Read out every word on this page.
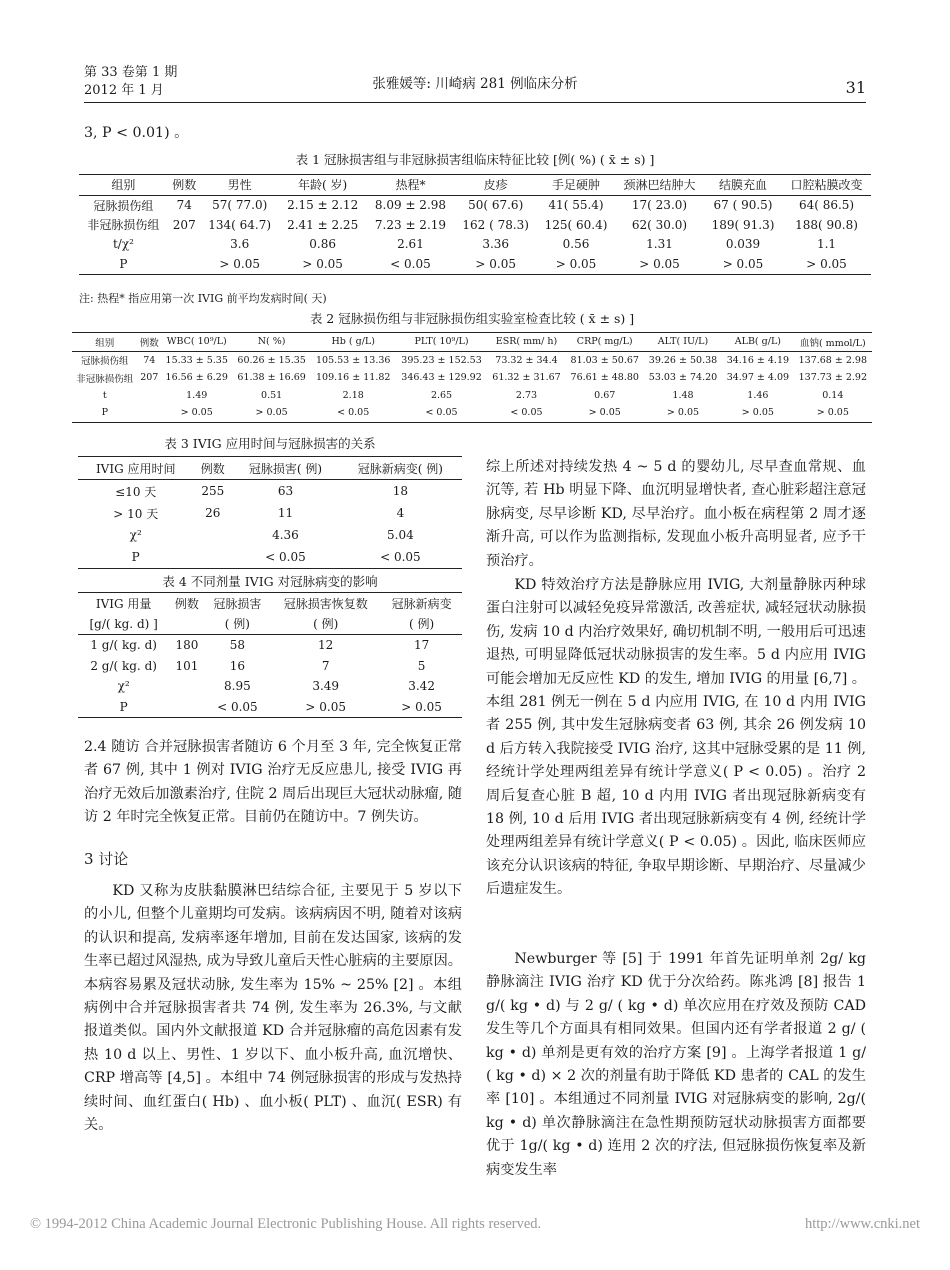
第 33 卷第 1 期
2012 年 1 月	张雅媛等: 川崎病 281 例临床分析	31

3, P < 0.01) 。

表 1 冠脉损害组与非冠脉损害组临床特征比较 [例( %) ( x̄ ± s) ]
组别	例数	男性	年龄( 岁)	热程*	皮疹	手足硬肿	颈淋巴结肿大	结膜充血	口腔粘膜改变
冠脉损伤组	74	57( 77.0)	2.15 ± 2.12	8.09 ± 2.98	50( 67.6)	41( 55.4)	17( 23.0)	67 ( 90.5)	64( 86.5)
非冠脉损伤组	207	134( 64.7)	2.41 ± 2.25	7.23 ± 2.19	162 ( 78.3)	125( 60.4)	62( 30.0)	189( 91.3)	188( 90.8)
t/χ²		3.6	0.86	2.61	3.36	0.56	1.31	0.039	1.1
P		> 0.05	> 0.05	< 0.05	> 0.05	> 0.05	> 0.05	> 0.05	> 0.05
注: 热程* 指应用第一次 IVIG 前平均发病时间( 天)
表 2 冠脉损伤组与非冠脉损伤组实验室检查比较 ( x̄ ± s) ]
组别	例数	WBC( 10⁹/L)	N( %)	Hb ( g/L)	PLT( 10⁹/L)	ESR( mm/ h)	CRP( mg/L)	ALT( IU/L)	ALB( g/L)	血钠( mmol/L)
冠脉损伤组	74	15.33 ± 5.35	60.26 ± 15.35	105.53 ± 13.36	395.23 ± 152.53	73.32 ± 34.4	81.03 ± 50.67	39.26 ± 50.38	34.16 ± 4.19	137.68 ± 2.98
非冠脉损伤组	207	16.56 ± 6.29	61.38 ± 16.69	109.16 ± 11.82	346.43 ± 129.92	61.32 ± 31.67	76.61 ± 48.80	53.03 ± 74.20	34.97 ± 4.09	137.73 ± 2.92
t		1.49	0.51	2.18	2.65	2.73	0.67	1.48	1.46	0.14
P		> 0.05	> 0.05	< 0.05	< 0.05	< 0.05	> 0.05	> 0.05	> 0.05	> 0.05
表 3 IVIG 应用时间与冠脉损害的关系
IVIG 应用时间	例数	冠脉损害( 例)	冠脉新病变( 例)
≤10 天	255	63	18
> 10 天	26	11	4
χ²		4.36	5.04
P		< 0.05	< 0.05
表 4 不同剂量 IVIG 对冠脉病变的影响
IVIG 用量	例数	冠脉损害	冠脉损害恢复数	冠脉新病变
[g/( kg. d) ]		( 例)	( 例)	( 例)
1 g/( kg. d)	180	58	12	17
2 g/( kg. d)	101	16	7	5
χ²		8.95	3.49	3.42
P		< 0.05	> 0.05	> 0.05

2.4 随访 合并冠脉损害者随访 6 个月至 3 年, 完全恢复正常者 67 例, 其中 1 例对 IVIG 治疗无反应患儿, 接受 IVIG 再治疗无效后加激素治疗, 住院 2 周后出现巨大冠状动脉瘤, 随访 2 年时完全恢复正常。目前仍在随访中。7 例失访。

3 讨论

KD 又称为皮肤黏膜淋巴结综合征, 主要见于 5 岁以下的小儿, 但整个儿童期均可发病。该病病因不明, 随着对该病的认识和提高, 发病率逐年增加, 目前在发达国家, 该病的发生率已超过风湿热, 成为导致儿童后天性心脏病的主要原因。本病容易累及冠状动脉, 发生率为 15% ~ 25% [2] 。本组病例中合并冠脉损害者共 74 例, 发生率为 26.3%, 与文献报道类似。国内外文献报道 KD 合并冠脉瘤的高危因素有发热 10 d 以上、男性、1 岁以下、血小板升高, 血沉增快、CRP 增高等 [4,5] 。本组中 74 例冠脉损害的形成与发热持续时间、血红蛋白( Hb) 、血小板( PLT) 、血沉( ESR) 有关。

综上所述对持续发热 4 ~ 5 d 的婴幼儿, 尽早查血常规、血沉等, 若 Hb 明显下降、血沉明显增快者, 查心脏彩超注意冠脉病变, 尽早诊断 KD, 尽早治疗。血小板在病程第 2 周才逐渐升高, 可以作为监测指标, 发现血小板升高明显者, 应予干预治疗。

KD 特效治疗方法是静脉应用 IVIG, 大剂量静脉丙种球蛋白注射可以减轻免疫异常激活, 改善症状, 减轻冠状动脉损伤, 发病 10 d 内治疗效果好, 确切机制不明, 一般用后可迅速退热, 可明显降低冠状动脉损害的发生率。5 d 内应用 IVIG 可能会增加无反应性 KD 的发生, 增加 IVIG 的用量 [6,7] 。本组 281 例无一例在 5 d 内应用 IVIG, 在 10 d 内用 IVIG 者 255 例, 其中发生冠脉病变者 63 例, 其余 26 例发病 10 d 后方转入我院接受 IVIG 治疗, 这其中冠脉受累的是 11 例, 经统计学处理两组差异有统计学意义( P < 0.05) 。治疗 2 周后复查心脏 B 超, 10 d 内用 IVIG 者出现冠脉新病变有 18 例, 10 d 后用 IVIG 者出现冠脉新病变有 4 例, 经统计学处理两组差异有统计学意义( P < 0.05) 。因此, 临床医师应该充分认识该病的特征, 争取早期诊断、早期治疗、尽量减少后遗症发生。

Newburger 等 [5] 于 1991 年首先证明单剂 2g/ kg 静脉滴注 IVIG 治疗 KD 优于分次给药。陈兆鸿 [8] 报告 1 g/( kg • d) 与 2 g/ ( kg • d) 单次应用在疗效及预防 CAD 发生等几个方面具有相同效果。但国内还有学者报道 2 g/ ( kg • d) 单剂是更有效的治疗方案 [9] 。上海学者报道 1 g/ ( kg • d) × 2 次的剂量有助于降低 KD 患者的 CAL 的发生率 [10] 。本组通过不同剂量 IVIG 对冠脉病变的影响, 2g/( kg • d) 单次静脉滴注在急性期预防冠状动脉损害方面都要优于 1g/( kg • d) 连用 2 次的疗法, 但冠脉损伤恢复率及新病变发生率

© 1994-2012 China Academic Journal Electronic Publishing House. All rights reserved.	http://www.cnki.net
